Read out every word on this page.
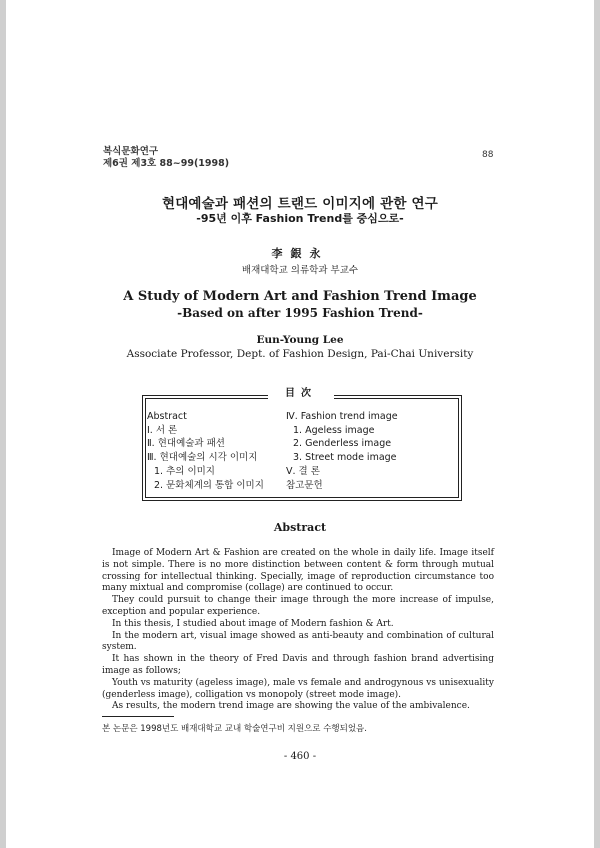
복식문화연구
제6권 제3호 88~99(1998)
88
현대예술과 패션의 트랜드 이미지에 관한 연구
-95년 이후 Fashion Trend를 중심으로-
李銀永
배재대학교 의류학과 부교수
A Study of Modern Art and Fashion Trend Image
-Based on after 1995 Fashion Trend-
Eun-Young Lee
Associate Professor, Dept. of Fashion Design, Pai-Chai University
目次
Abstract
I. 서 론
Ⅱ. 현대예술과 패션
Ⅲ. 현대예술의 시각 이미지
1. 추의 이미지
2. 문화체계의 통합 이미지
Ⅳ. Fashion trend image
1. Ageless image
2. Genderless image
3. Street mode image
Ⅴ. 결 론
참고문헌
Abstract

Image of Modern Art & Fashion are created on the whole in daily life. Image itself is not simple. There is no more distinction between content & form through mutual crossing for intellectual thinking. Specially, image of reproduction circumstance too many mixtual and compromise (collage) are continued to occur.

They could pursuit to change their image through the more increase of impulse, exception and popular experience.

In this thesis, I studied about image of Modern fashion & Art.

In the modern art, visual image showed as anti-beauty and combination of cultural system.

It has shown in the theory of Fred Davis and through fashion brand advertising image as follows;

Youth vs maturity (ageless image), male vs female and androgynous vs unisexuality (genderless image), colligation vs monopoly (street mode image).

As results, the modern trend image are showing the value of the ambivalence.

본 논문은 1998년도 배재대학교 교내 학술연구비 지원으로 수행되었음.
- 460 -
